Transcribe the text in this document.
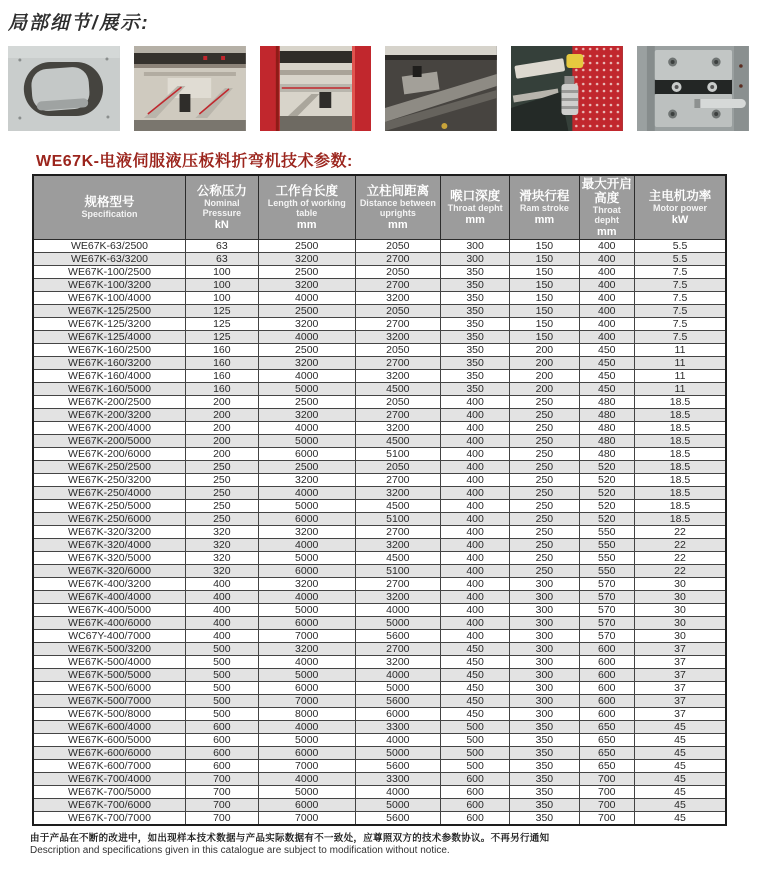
局部细节/展示:
WE67K-电液伺服液压板料折弯机技术参数:
规格型号
Specification

公称压力
Nominal Pressure
kN

工作台长度
Length of working table
mm

立柱间距离
Distance between uprights
mm

喉口深度
Throat depht
mm

滑块行程
Ram stroke
mm

最大开启高度
Throat depht
mm

主电机功率
Motor power
kW

WE67K-63/2500	63	2500	2050	300	150	400	5.5
WE67K-63/3200	63	3200	2700	300	150	400	5.5
WE67K-100/2500	100	2500	2050	350	150	400	7.5
WE67K-100/3200	100	3200	2700	350	150	400	7.5
WE67K-100/4000	100	4000	3200	350	150	400	7.5
WE67K-125/2500	125	2500	2050	350	150	400	7.5
WE67K-125/3200	125	3200	2700	350	150	400	7.5
WE67K-125/4000	125	4000	3200	350	150	400	7.5
WE67K-160/2500	160	2500	2050	350	200	450	11
WE67K-160/3200	160	3200	2700	350	200	450	11
WE67K-160/4000	160	4000	3200	350	200	450	11
WE67K-160/5000	160	5000	4500	350	200	450	11
WE67K-200/2500	200	2500	2050	400	250	480	18.5
WE67K-200/3200	200	3200	2700	400	250	480	18.5
WE67K-200/4000	200	4000	3200	400	250	480	18.5
WE67K-200/5000	200	5000	4500	400	250	480	18.5
WE67K-200/6000	200	6000	5100	400	250	480	18.5
WE67K-250/2500	250	2500	2050	400	250	520	18.5
WE67K-250/3200	250	3200	2700	400	250	520	18.5
WE67K-250/4000	250	4000	3200	400	250	520	18.5
WE67K-250/5000	250	5000	4500	400	250	520	18.5
WE67K-250/6000	250	6000	5100	400	250	520	18.5
WE67K-320/3200	320	3200	2700	400	250	550	22
WE67K-320/4000	320	4000	3200	400	250	550	22
WE67K-320/5000	320	5000	4500	400	250	550	22
WE67K-320/6000	320	6000	5100	400	250	550	22
WE67K-400/3200	400	3200	2700	400	300	570	30
WE67K-400/4000	400	4000	3200	400	300	570	30
WE67K-400/5000	400	5000	4000	400	300	570	30
WE67K-400/6000	400	6000	5000	400	300	570	30
WC67Y-400/7000	400	7000	5600	400	300	570	30
WE67K-500/3200	500	3200	2700	450	300	600	37
WE67K-500/4000	500	4000	3200	450	300	600	37
WE67K-500/5000	500	5000	4000	450	300	600	37
WE67K-500/6000	500	6000	5000	450	300	600	37
WE67K-500/7000	500	7000	5600	450	300	600	37
WE67K-500/8000	500	8000	6000	450	300	600	37
WE67K-600/4000	600	4000	3300	500	350	650	45
WE67K-600/5000	600	5000	4000	500	350	650	45
WE67K-600/6000	600	6000	5000	500	350	650	45
WE67K-600/7000	600	7000	5600	500	350	650	45
WE67K-700/4000	700	4000	3300	600	350	700	45
WE67K-700/5000	700	5000	4000	600	350	700	45
WE67K-700/6000	700	6000	5000	600	350	700	45
WE67K-700/7000	700	7000	5600	600	350	700	45

由于产品在不断的改进中，如出现样本技术数据与产品实际数据有不一致处，应尊照双方的技术参数协议。不再另行通知

Description and specifications given in this catalogue are subject to modification without notice.
